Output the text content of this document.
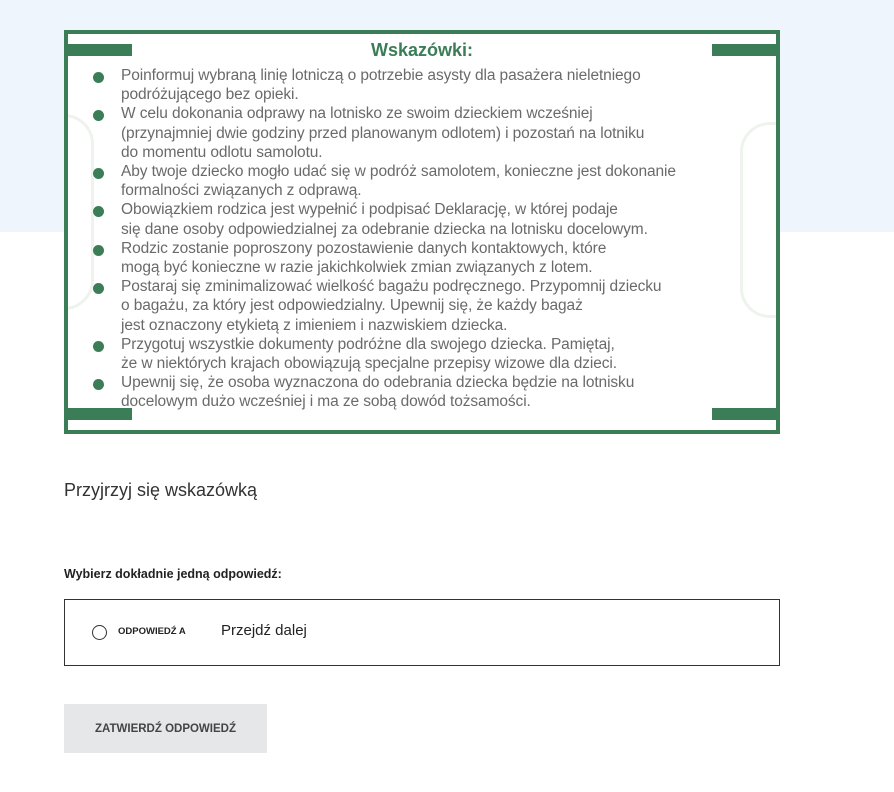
Wskazówki:
Poinformuj wybraną linię lotniczą o potrzebie asysty dla pasażera nieletniego
podróżującego bez opieki.
W celu dokonania odprawy na lotnisko ze swoim dzieckiem wcześniej
(przynajmniej dwie godziny przed planowanym odlotem) i pozostań na lotniku
do momentu odlotu samolotu.
Aby twoje dziecko mogło udać się w podróż samolotem, konieczne jest dokonanie
formalności związanych z odprawą.
Obowiązkiem rodzica jest wypełnić i podpisać Deklarację, w której podaje
się dane osoby odpowiedzialnej za odebranie dziecka na lotnisku docelowym.
Rodzic zostanie poproszony pozostawienie danych kontaktowych, które
mogą być konieczne w razie jakichkolwiek zmian związanych z lotem.
Postaraj się zminimalizować wielkość bagażu podręcznego. Przypomnij dziecku
o bagażu, za który jest odpowiedzialny. Upewnij się, że każdy bagaż
jest oznaczony etykietą z imieniem i nazwiskiem dziecka.
Przygotuj wszystkie dokumenty podróżne dla swojego dziecka. Pamiętaj,
że w niektórych krajach obowiązują specjalne przepisy wizowe dla dzieci.
Upewnij się, że osoba wyznaczona do odebrania dziecka będzie na lotnisku
docelowym dużo wcześniej i ma ze sobą dowód tożsamości.
Przyjrzyj się wskazówką
Wybierz dokładnie jedną odpowiedź:
ODPOWIEDŹ A Przejdź dalej
ZATWIERDŹ ODPOWIEDŹ
